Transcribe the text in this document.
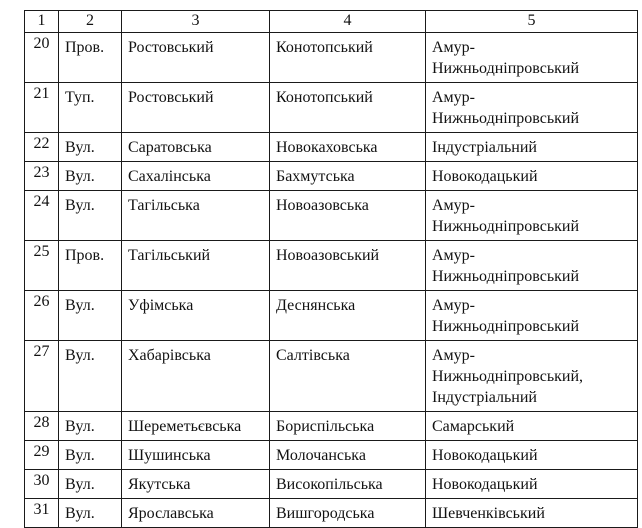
1	2	3	4	5
20	Пров.	Ростовський	Конотопський	Амур-
Нижньодніпровський
21	Туп.	Ростовський	Конотопський	Амур-
Нижньодніпровський
22	Вул.	Саратовська	Новокаховська	Індустріальний
23	Вул.	Сахалінська	Бахмутська	Новокодацький
24	Вул.	Тагільська	Новоазовська	Амур-
Нижньодніпровський
25	Пров.	Тагільський	Новоазовський	Амур-
Нижньодніпровський
26	Вул.	Уфімська	Деснянська	Амур-
Нижньодніпровський
27	Вул.	Хабарівська	Салтівська	Амур-
Нижньодніпровський,
Індустріальний
28	Вул.	Шереметьєвська	Бориспільська	Самарський
29	Вул.	Шушинська	Молочанська	Новокодацький
30	Вул.	Якутська	Високопільська	Новокодацький
31	Вул.	Ярославська	Вишгородська	Шевченківський
